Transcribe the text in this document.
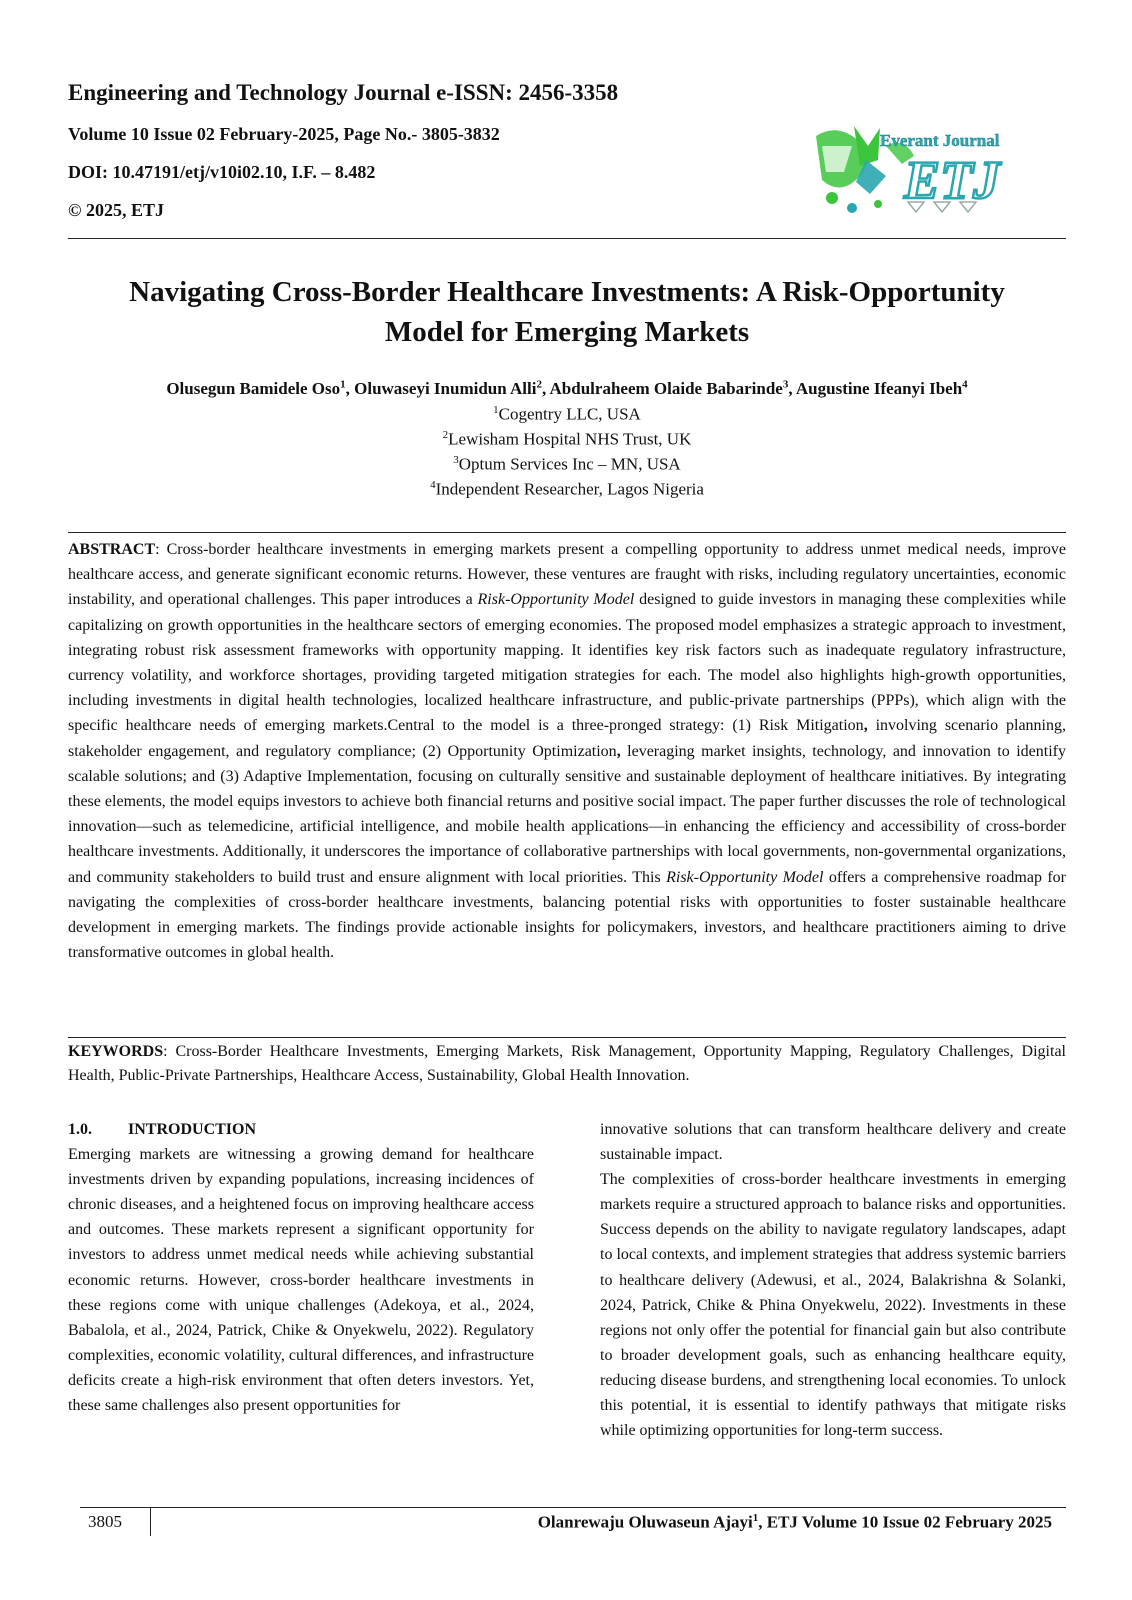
Engineering and Technology Journal e-ISSN: 2456-3358
Volume 10 Issue 02 February-2025, Page No.- 3805-3832
DOI: 10.47191/etj/v10i02.10, I.F. – 8.482
© 2025, ETJ
Everant Journal
ETJ
Navigating Cross-Border Healthcare Investments: A Risk-Opportunity
Model for Emerging Markets
Olusegun Bamidele Oso$^1$, Oluwaseyi Inumidun Alli$^2$, Abdulraheem Olaide Babarinde$^3$, Augustine Ifeanyi Ibeh$^4$
$^1$Cogentry LLC, USA
$^2$Lewisham Hospital NHS Trust, UK
$^3$Optum Services Inc – MN, USA
$^4$Independent Researcher, Lagos Nigeria
ABSTRACT: Cross-border healthcare investments in emerging markets present a compelling opportunity to address unmet medical needs, improve healthcare access, and generate significant economic returns. However, these ventures are fraught with risks, including regulatory uncertainties, economic instability, and operational challenges. This paper introduces a Risk-Opportunity Model designed to guide investors in managing these complexities while capitalizing on growth opportunities in the healthcare sectors of emerging economies. The proposed model emphasizes a strategic approach to investment, integrating robust risk assessment frameworks with opportunity mapping. It identifies key risk factors such as inadequate regulatory infrastructure, currency volatility, and workforce shortages, providing targeted mitigation strategies for each. The model also highlights high-growth opportunities, including investments in digital health technologies, localized healthcare infrastructure, and public-private partnerships (PPPs), which align with the specific healthcare needs of emerging markets.Central to the model is a three-pronged strategy: (1) Risk Mitigation, involving scenario planning, stakeholder engagement, and regulatory compliance; (2) Opportunity Optimization, leveraging market insights, technology, and innovation to identify scalable solutions; and (3) Adaptive Implementation, focusing on culturally sensitive and sustainable deployment of healthcare initiatives. By integrating these elements, the model equips investors to achieve both financial returns and positive social impact. The paper further discusses the role of technological innovation—such as telemedicine, artificial intelligence, and mobile health applications—in enhancing the efficiency and accessibility of cross-border healthcare investments. Additionally, it underscores the importance of collaborative partnerships with local governments, non-governmental organizations, and community stakeholders to build trust and ensure alignment with local priorities. This Risk-Opportunity Model offers a comprehensive roadmap for navigating the complexities of cross-border healthcare investments, balancing potential risks with opportunities to foster sustainable healthcare development in emerging markets. The findings provide actionable insights for policymakers, investors, and healthcare practitioners aiming to drive transformative outcomes in global health.
KEYWORDS: Cross-Border Healthcare Investments, Emerging Markets, Risk Management, Opportunity Mapping, Regulatory Challenges, Digital Health, Public-Private Partnerships, Healthcare Access, Sustainability, Global Health Innovation.
1.0. INTRODUCTION

Emerging markets are witnessing a growing demand for healthcare investments driven by expanding populations, increasing incidences of chronic diseases, and a heightened focus on improving healthcare access and outcomes. These markets represent a significant opportunity for investors to address unmet medical needs while achieving substantial economic returns. However, cross-border healthcare investments in these regions come with unique challenges (Adekoya, et al., 2024, Babalola, et al., 2024, Patrick, Chike & Onyekwelu, 2022). Regulatory complexities, economic volatility, cultural differences, and infrastructure deficits create a high-risk environment that often deters investors. Yet, these same challenges also present opportunities for

innovative solutions that can transform healthcare delivery and create sustainable impact.

The complexities of cross-border healthcare investments in emerging markets require a structured approach to balance risks and opportunities. Success depends on the ability to navigate regulatory landscapes, adapt to local contexts, and implement strategies that address systemic barriers to healthcare delivery (Adewusi, et al., 2024, Balakrishna & Solanki, 2024, Patrick, Chike & Phina Onyekwelu, 2022). Investments in these regions not only offer the potential for financial gain but also contribute to broader development goals, such as enhancing healthcare equity, reducing disease burdens, and strengthening local economies. To unlock this potential, it is essential to identify pathways that mitigate risks while optimizing opportunities for long-term success.

3805	Olanrewaju Oluwaseun Ajayi$^1$, ETJ Volume 10 Issue 02 February 2025
